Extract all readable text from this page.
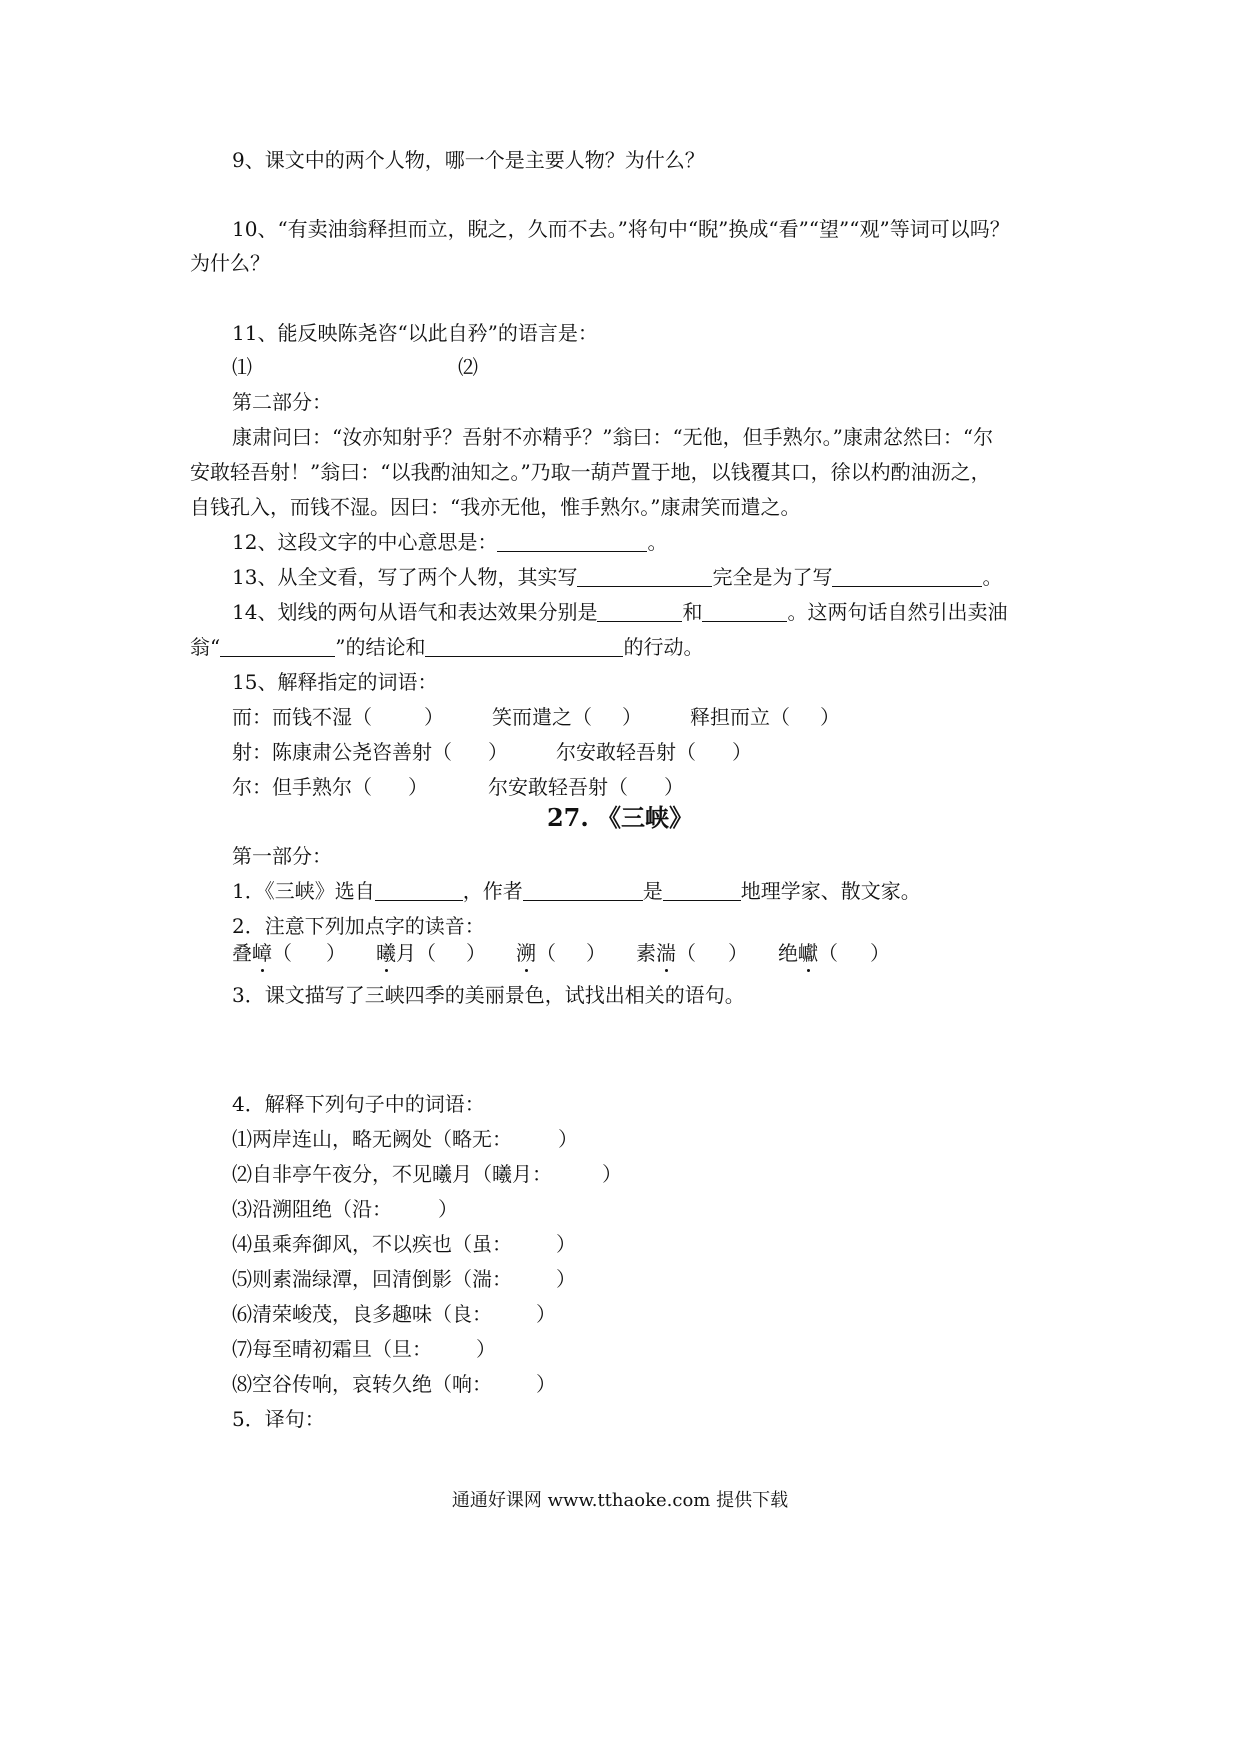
9、课文中的两个人物，哪一个是主要人物？为什么？
10、“有卖油翁释担而立，睨之，久而不去。”将句中“睨”换成“看”“望”“观”等词可以吗？
为什么？
11、能反映陈尧咨“以此自矜”的语言是：
⑴	⑵
第二部分：
康肃问曰：“汝亦知射乎？吾射不亦精乎？”翁曰：“无他，但手熟尔。”康肃忿然曰：“尔
安敢轻吾射！”翁曰：“以我酌油知之。”乃取一葫芦置于地，以钱覆其口，徐以杓酌油沥之，
自钱孔入，而钱不湿。因曰：“我亦无他，惟手熟尔。”康肃笑而遣之。
12、这段文字的中心意思是：	。
13、从全文看，写了两个人物，其实写	完全是为了写	。
14、划线的两句从语气和表达效果分别是	和	。这两句话自然引出卖油
翁“	”的结论和	的行动。
15、解释指定的词语：
而：而钱不湿（	） 笑而遣之（ ） 释担而立（ ）
射：陈康肃公尧咨善射（ ） 尔安敢轻吾射（ ）
尔：但手熟尔（ ）	尔安敢轻吾射（ ）
27. 《三峡》
第一部分：
1．《三峡》选自	，作者	是	地理学家、散文家。
2．注意下列加点字的读音：
叠嶂（ ） 曦月（ ） 溯（ ） 素湍（ ） 绝巘（ ）
3．课文描写了三峡四季的美丽景色，试找出相关的语句。
4．解释下列句子中的词语：
⑴两岸连山，略无阙处（略无： ）
⑵自非亭午夜分，不见曦月（曦月：	）
⑶沿溯阻绝（沿： ）
⑷虽乘奔御风，不以疾也（虽： ）
⑸则素湍绿潭，回清倒影（湍： ）
⑹清荣峻茂，良多趣味（良： ）
⑺每至晴初霜旦（旦： ）
⑻空谷传响，哀转久绝（响： ）
5．译句：
通通好课网 www.tthaoke.com 提供下载
